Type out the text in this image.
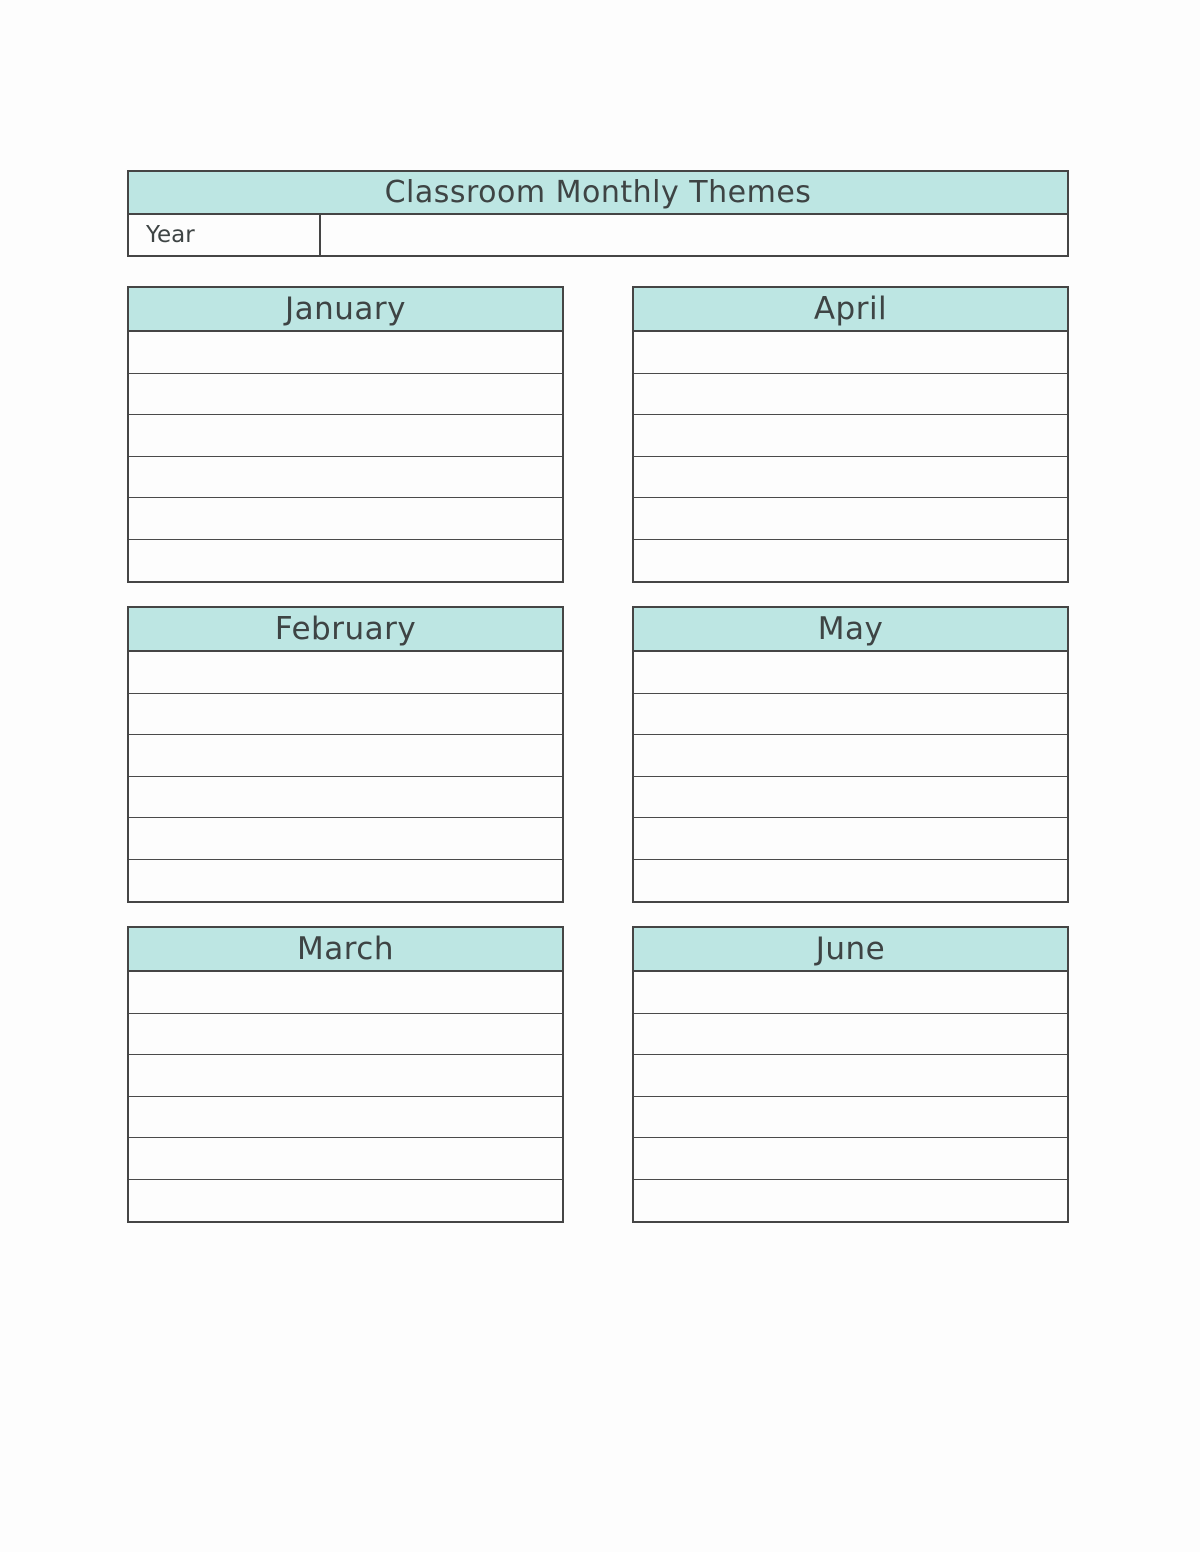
Classroom Monthly Themes
Year
January
February
March
April
May
June
